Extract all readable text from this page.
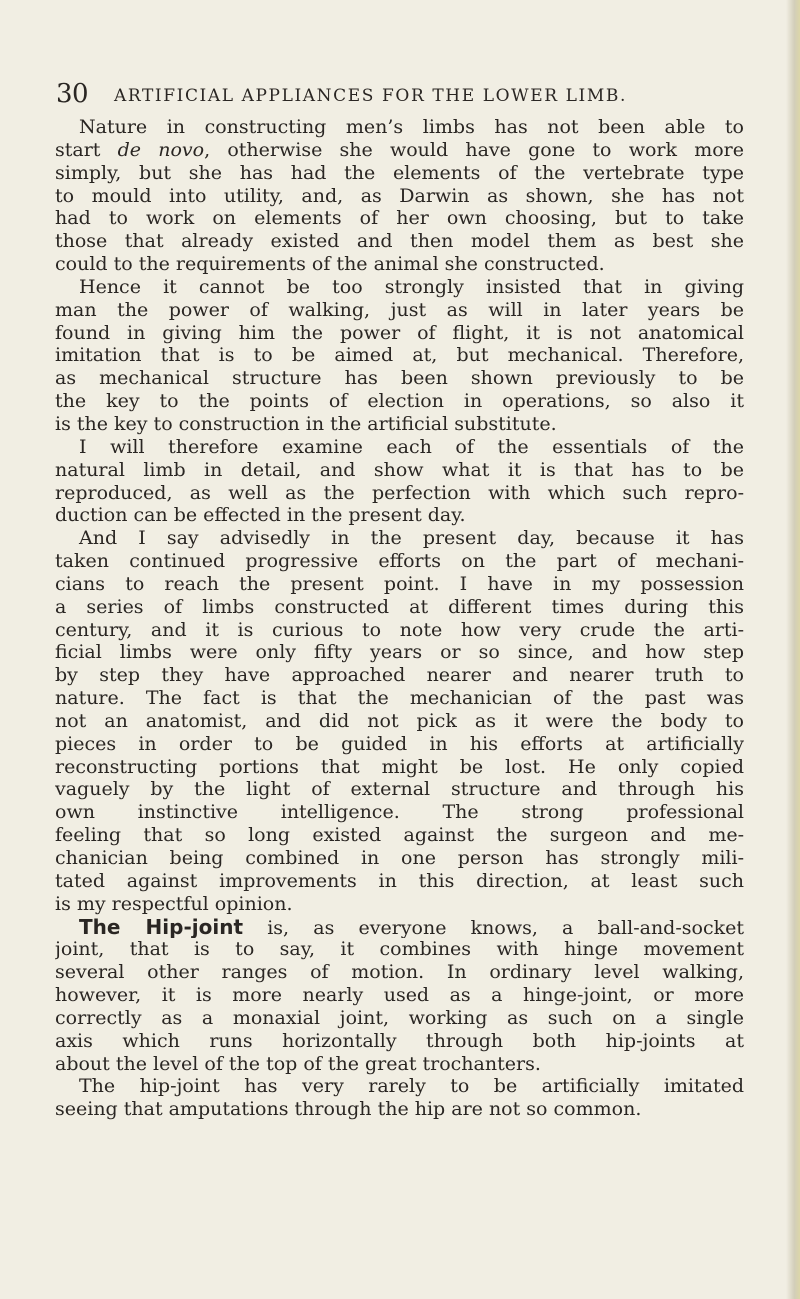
30 ARTIFICIAL APPLIANCES FOR THE LOWER LIMB.

Nature in constructing men’s limbs has not been able to
start de novo, otherwise she would have gone to work more
simply, but she has had the elements of the vertebrate type
to mould into utility, and, as Darwin as shown, she has not
had to work on elements of her own choosing, but to take
those that already existed and then model them as best she
could to the requirements of the animal she constructed.

Hence it cannot be too strongly insisted that in giving
man the power of walking, just as will in later years be
found in giving him the power of flight, it is not anatomical
imitation that is to be aimed at, but mechanical. Therefore,
as mechanical structure has been shown previously to be
the key to the points of election in operations, so also it
is the key to construction in the artificial substitute.

I will therefore examine each of the essentials of the
natural limb in detail, and show what it is that has to be
reproduced, as well as the perfection with which such repro-
duction can be effected in the present day.

And I say advisedly in the present day, because it has
taken continued progressive efforts on the part of mechani-
cians to reach the present point. I have in my possession
a series of limbs constructed at different times during this
century, and it is curious to note how very crude the arti-
ficial limbs were only fifty years or so since, and how step
by step they have approached nearer and nearer truth to
nature. The fact is that the mechanician of the past was
not an anatomist, and did not pick as it were the body to
pieces in order to be guided in his efforts at artificially
reconstructing portions that might be lost. He only copied
vaguely by the light of external structure and through his
own instinctive intelligence. The strong professional
feeling that so long existed against the surgeon and me-
chanician being combined in one person has strongly mili-
tated against improvements in this direction, at least such
is my respectful opinion.

The Hip-joint is, as everyone knows, a ball-and-socket
joint, that is to say, it combines with hinge movement
several other ranges of motion. In ordinary level walking,
however, it is more nearly used as a hinge-joint, or more
correctly as a monaxial joint, working as such on a single
axis which runs horizontally through both hip-joints at
about the level of the top of the great trochanters.

The hip-joint has very rarely to be artificially imitated
seeing that amputations through the hip are not so common.
